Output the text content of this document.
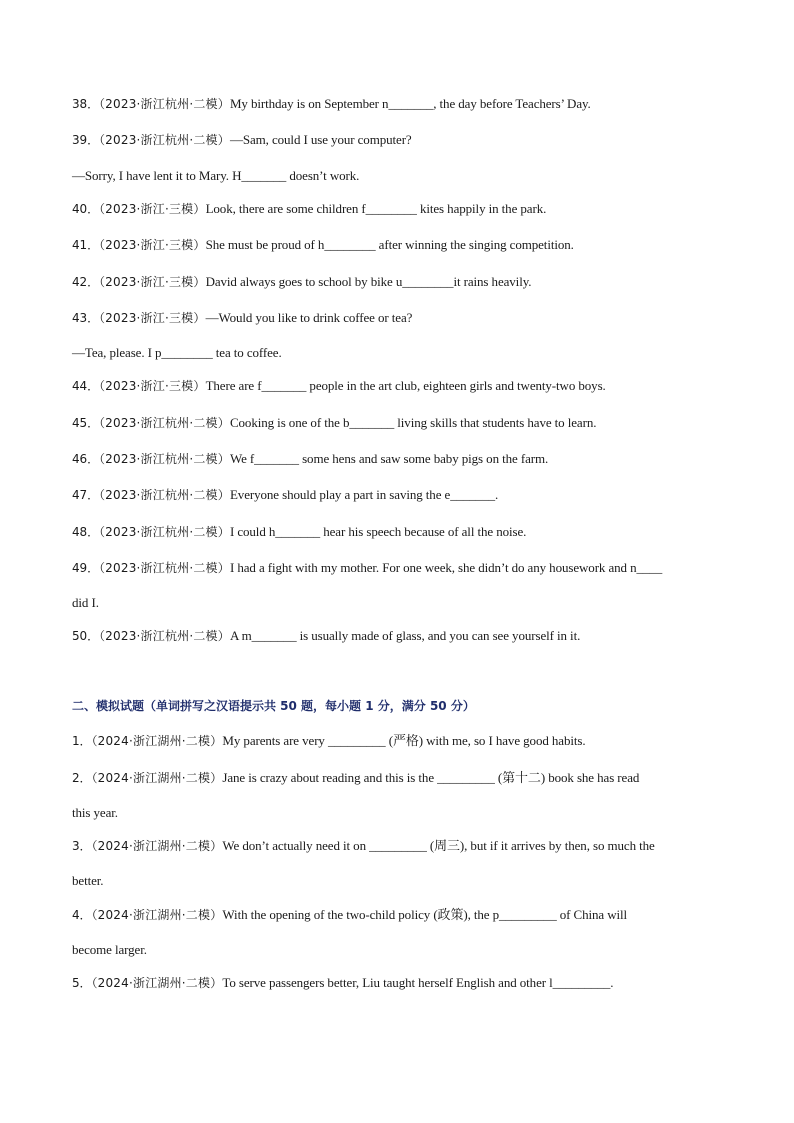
38．（2023·浙江杭州·二模）My birthday is on September n_______, the day before Teachers’ Day.
39．（2023·浙江杭州·二模）—Sam, could I use your computer?
—Sorry, I have lent it to Mary. H_______ doesn’t work.
40．（2023·浙江·三模）Look, there are some children f________ kites happily in the park.
41．（2023·浙江·三模）She must be proud of h________ after winning the singing competition.
42．（2023·浙江·三模）David always goes to school by bike u________it rains heavily.
43．（2023·浙江·三模）—Would you like to drink coffee or tea?
—Tea, please. I p________ tea to coffee.
44．（2023·浙江·三模）There are f_______ people in the art club, eighteen girls and twenty-two boys.
45．（2023·浙江杭州·二模）Cooking is one of the b_______ living skills that students have to learn.
46．（2023·浙江杭州·二模）We f_______ some hens and saw some baby pigs on the farm.
47．（2023·浙江杭州·二模）Everyone should play a part in saving the e_______.
48．（2023·浙江杭州·二模）I could h_______ hear his speech because of all the noise.
49．（2023·浙江杭州·二模）I had a fight with my mother. For one week, she didn’t do any housework and n____
did I.
50．（2023·浙江杭州·二模）A m_______ is usually made of glass, and you can see yourself in it.
二、模拟试题（单词拼写之汉语提示共 50 题，每小题 1 分，满分 50 分）
1．（2024·浙江湖州·二模）My parents are very _________ (严格) with me, so I have good habits.
2．（2024·浙江湖州·二模）Jane is crazy about reading and this is the _________ (第十二) book she has read
this year.
3．（2024·浙江湖州·二模）We don’t actually need it on _________ (周三), but if it arrives by then, so much the
better.
4．（2024·浙江湖州·二模）With the opening of the two-child policy (政策), the p_________ of China will
become larger.
5．（2024·浙江湖州·二模）To serve passengers better, Liu taught herself English and other l_________.
